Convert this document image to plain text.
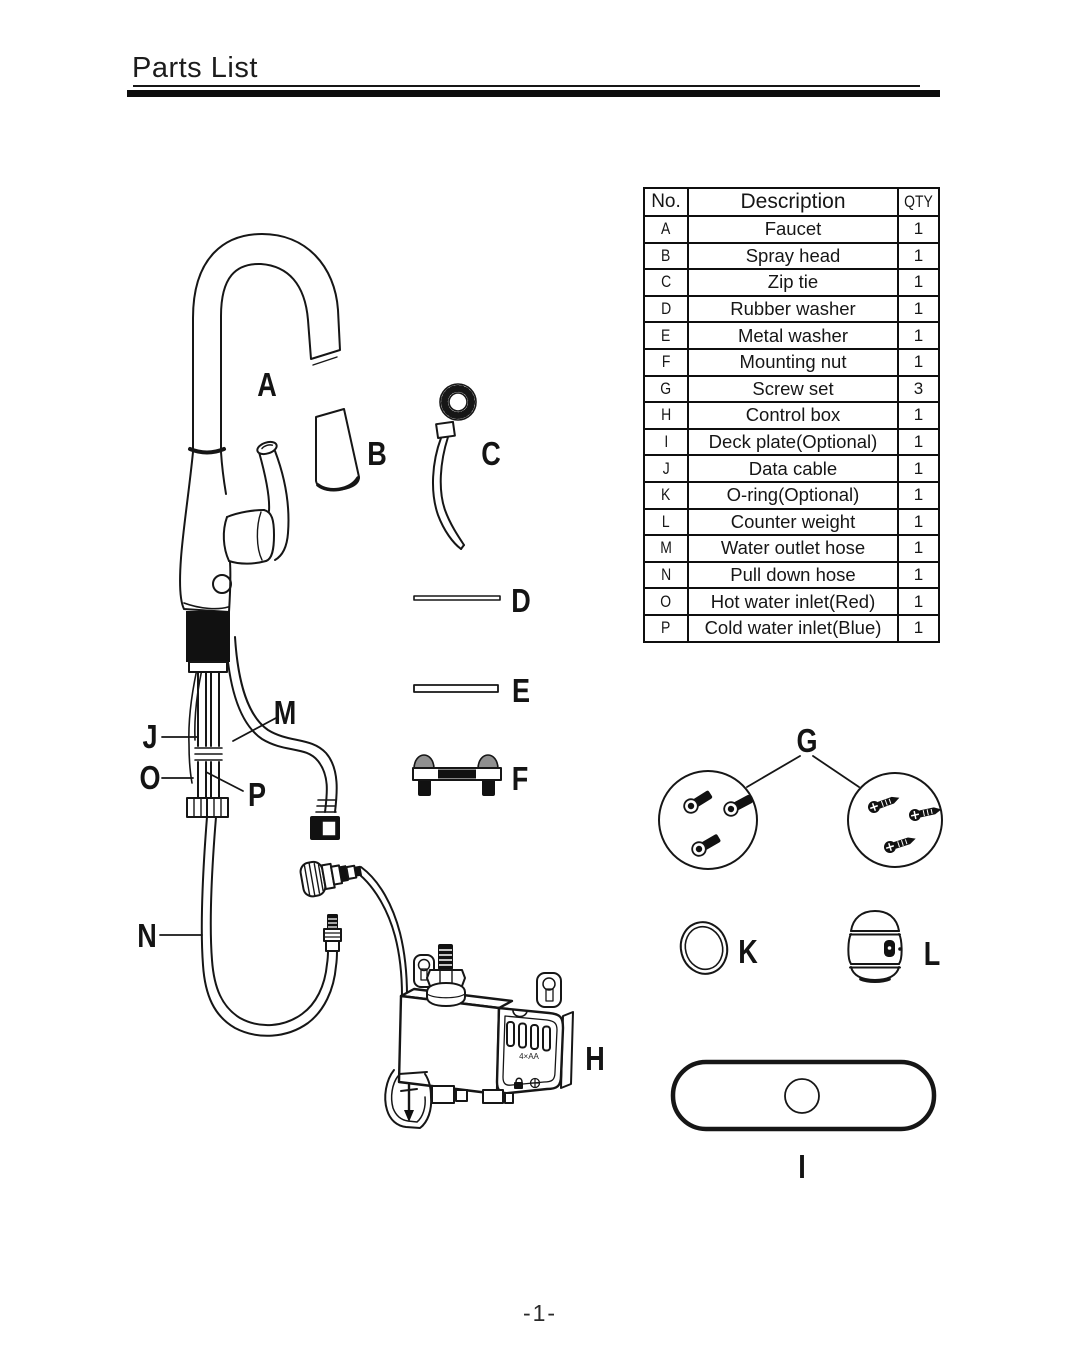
Parts List
No.	Description	QTY
A	Faucet	1
B	Spray head	1
C	Zip tie	1
D	Rubber washer	1
E	Metal washer	1
F	Mounting nut	1
G	Screw set	3
H	Control box	1
I	Deck plate(Optional)	1
J	Data cable	1
K	O-ring(Optional)	1
L	Counter weight	1
M	Water outlet hose	1
N	Pull down hose	1
O	Hot water inlet(Red)	1
P	Cold water inlet(Blue)	1
4×AA
A
B	C
D
E
F
G
H
I
J
K	L
M
N
O	P
-1-
